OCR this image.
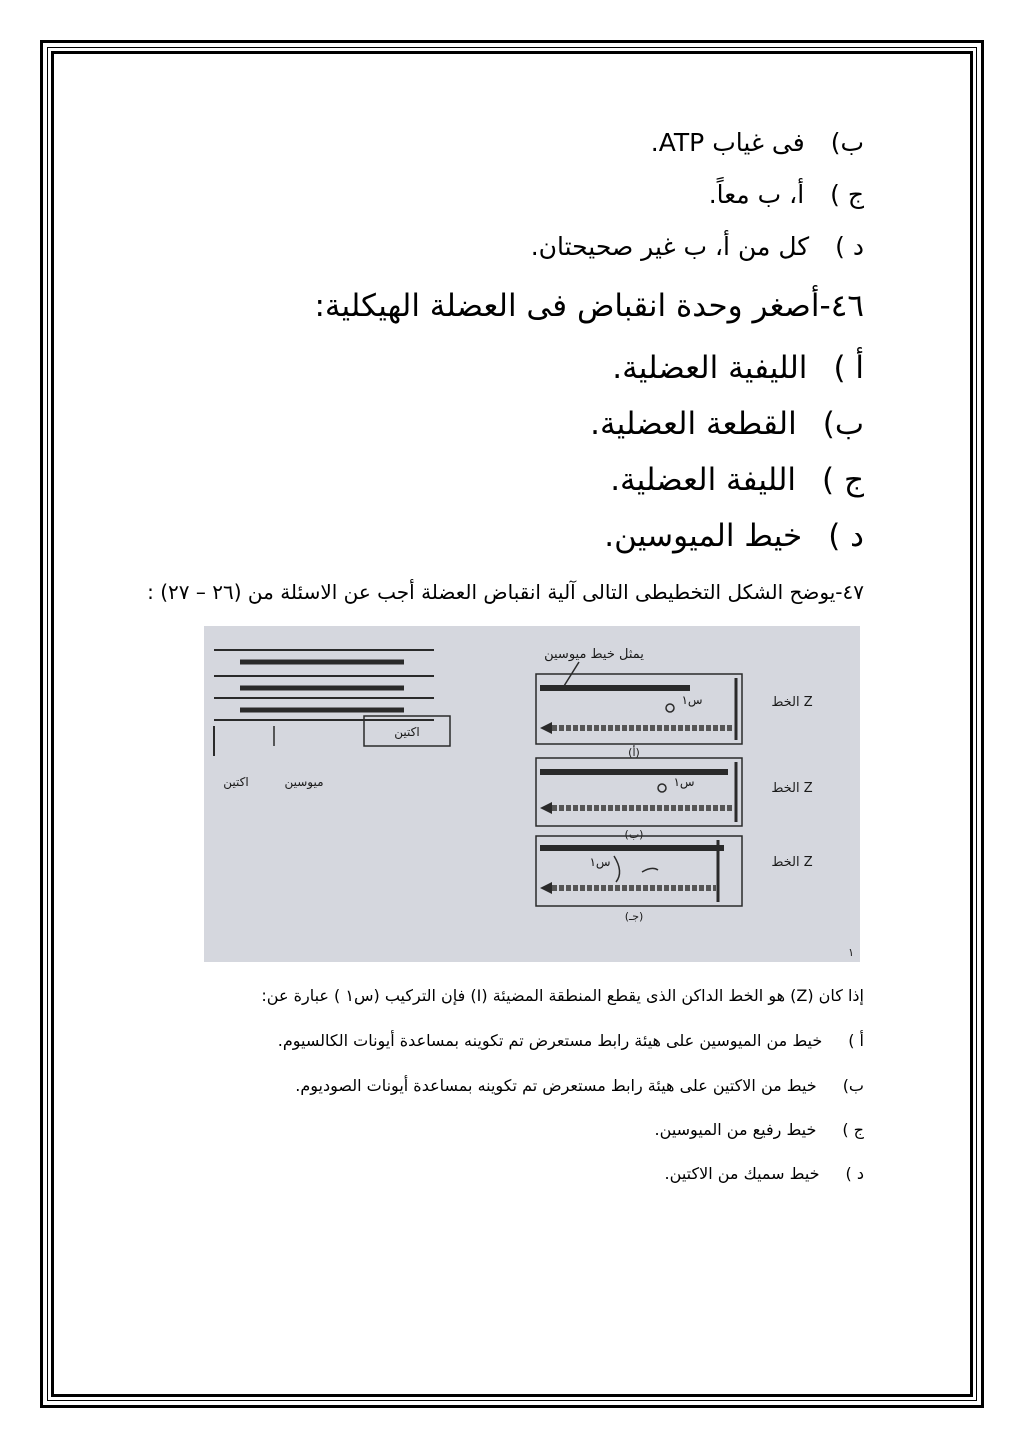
ب)فى غياب ATP.
ج )أ، ب معاً.
د )كل من أ، ب غير صحيحتان.
٤٦-أصغر وحدة انقباض فى العضلة الهيكلية:
أ )الليفية العضلية.
ب)القطعة العضلية.
ج )الليفة العضلية.
د )خيط الميوسين.
٤٧-يوضح الشكل التخطيطى التالى آلية انقباض العضلة أجب عن الاسئلة من (٢٦ – ٢٧) :
اكتين
ميوسين
اكتين
يمثل خيط ميوسين
س١	الخط Z
(أ)
س١	الخط Z
(ب)
س١	الخط Z
(جـ)
١
إذا كان (Z) هو الخط الداكن الذى يقطع المنطقة المضيئة (I) فإن التركيب (س١ ) عبارة عن:
أ )خيط من الميوسين على هيئة رابط مستعرض تم تكوينه بمساعدة أيونات الكالسيوم.
ب)خيط من الاكتين على هيئة رابط مستعرض تم تكوينه بمساعدة أيونات الصوديوم.
ج )خيط رفيع من الميوسين.
د )خيط سميك من الاكتين.
